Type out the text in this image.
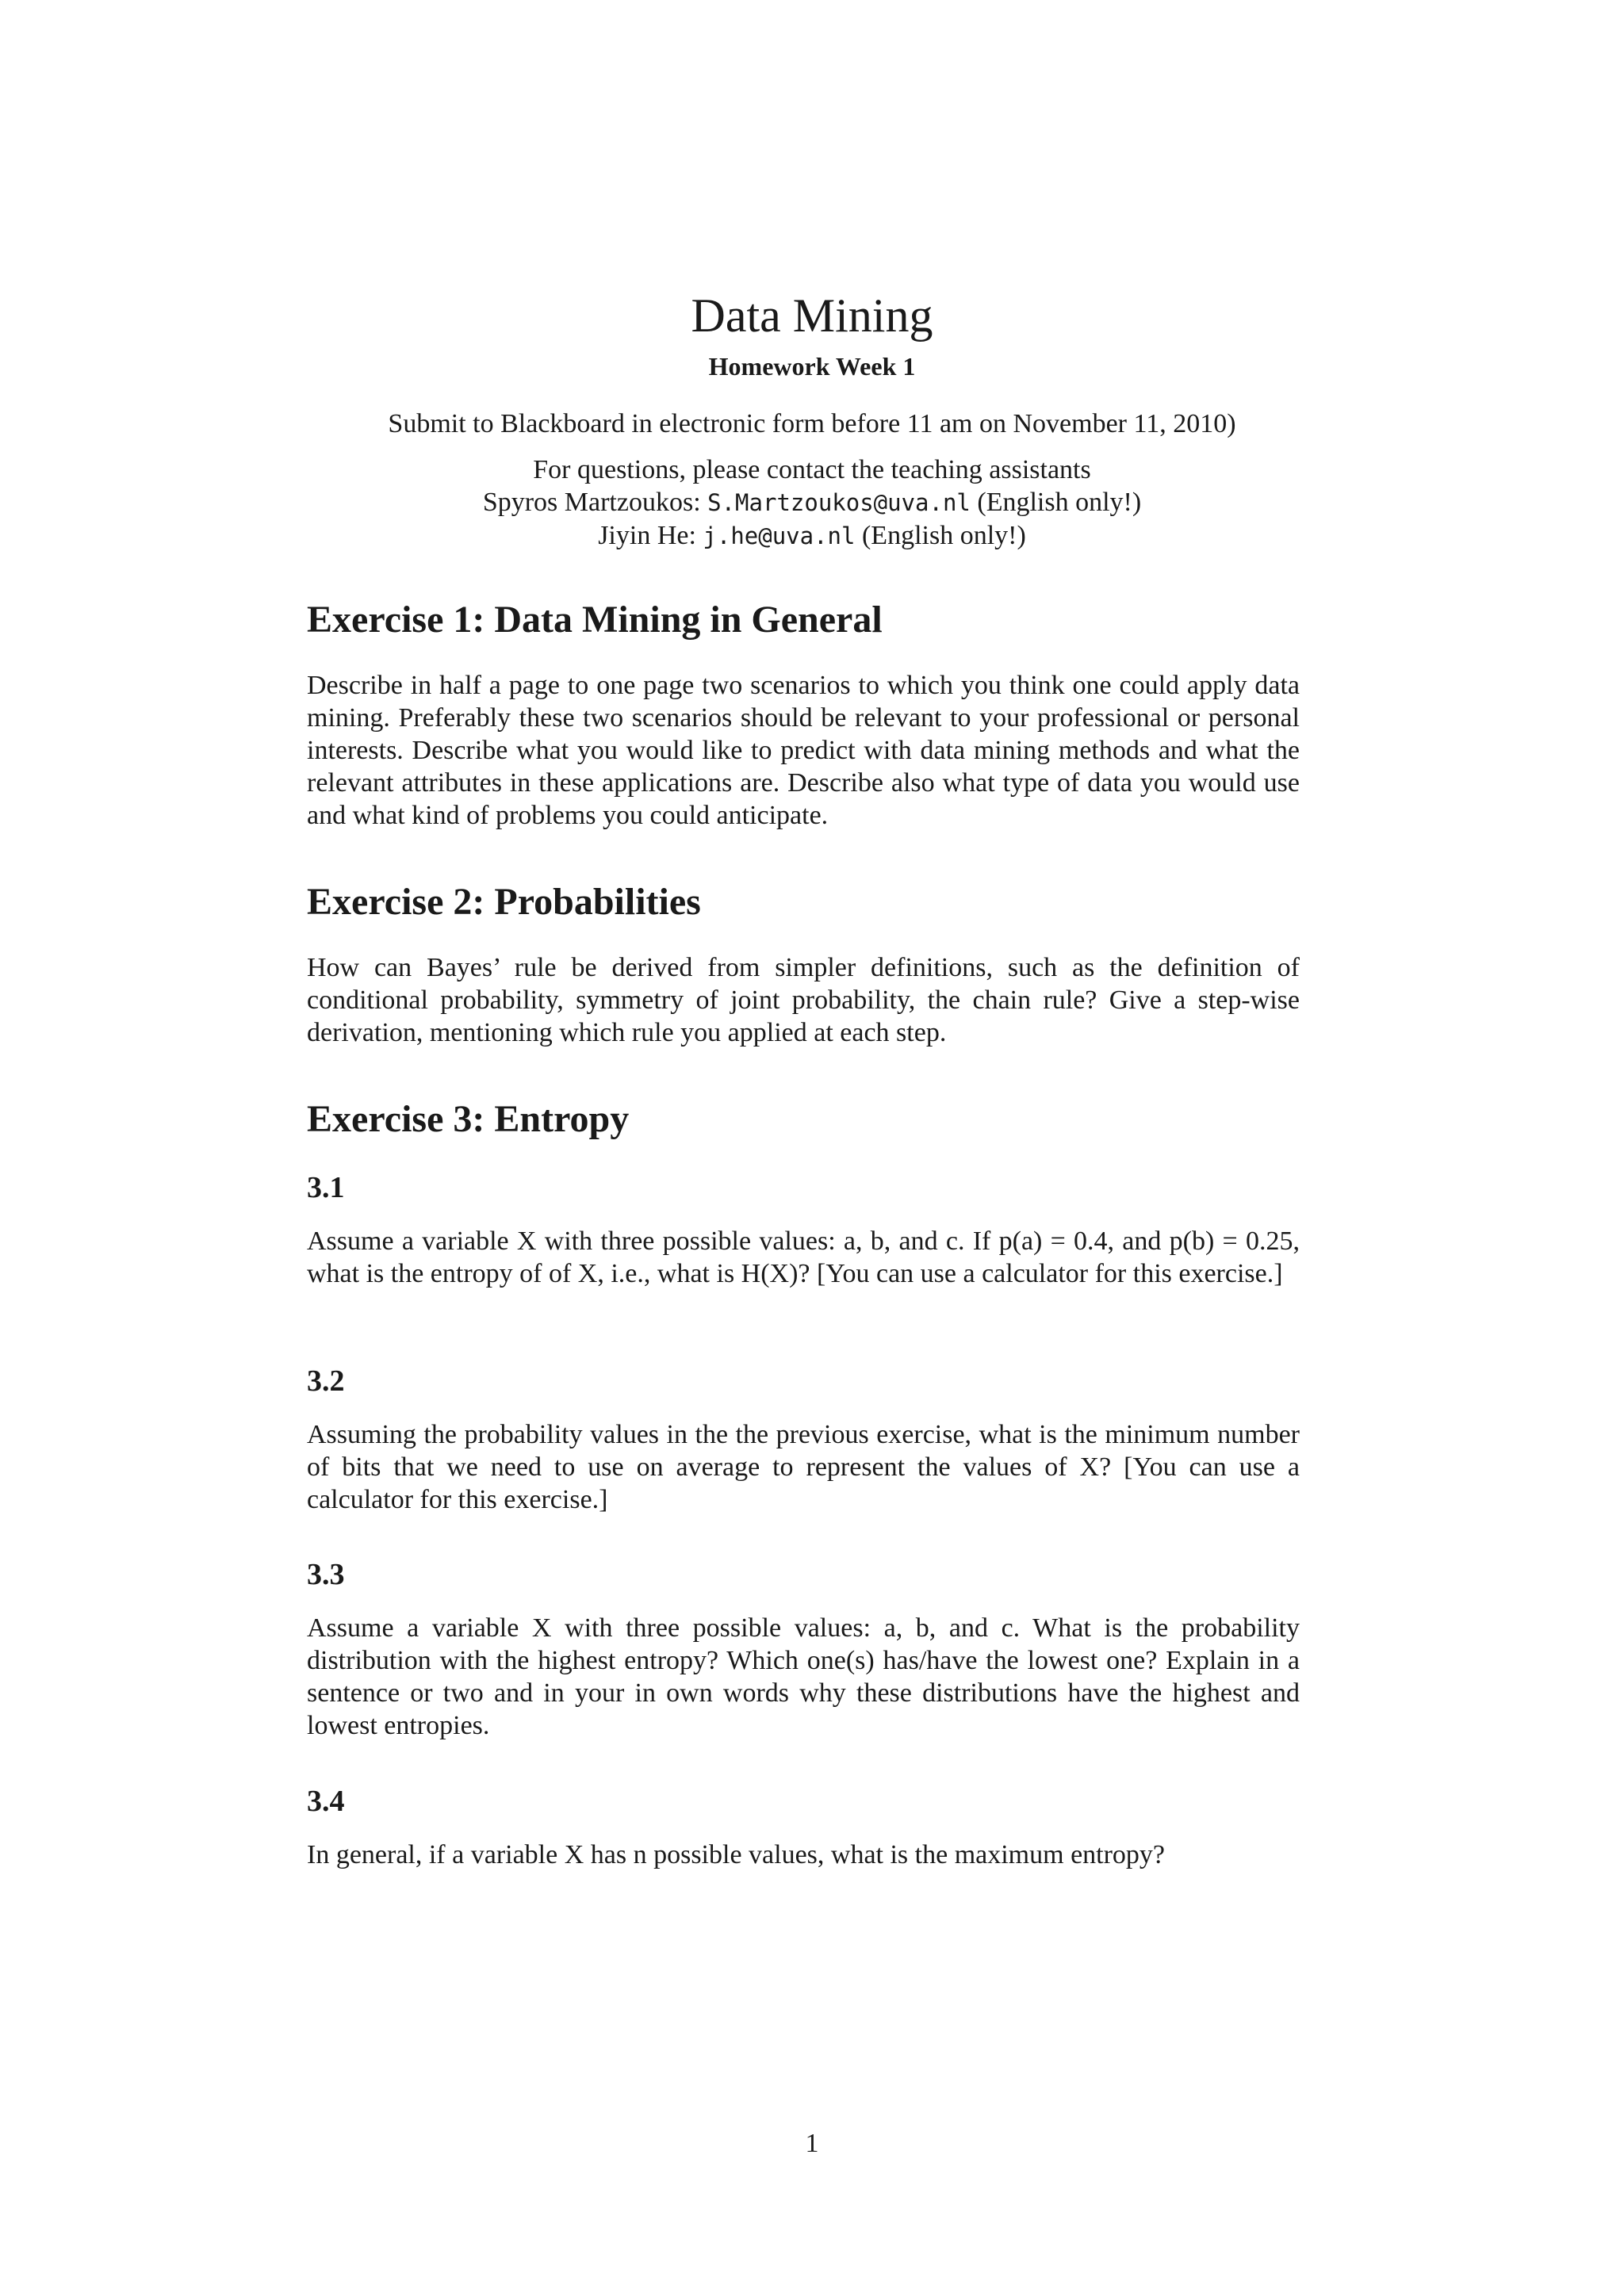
Data Mining
Homework Week 1
Submit to Blackboard in electronic form before 11 am on November 11, 2010)
For questions, please contact the teaching assistants
Spyros Martzoukos: S.Martzoukos@uva.nl (English only!)
Jiyin He: j.he@uva.nl (English only!)
Exercise 1: Data Mining in General

Describe in half a page to one page two scenarios to which you think one could apply data mining. Preferably these two scenarios should be relevant to your professional or personal interests. Describe what you would like to predict with data mining methods and what the relevant attributes in these applications are. Describe also what type of data you would use and what kind of problems you could anticipate.

Exercise 2: Probabilities

How can Bayes’ rule be derived from simpler definitions, such as the definition of conditional probability, symmetry of joint probability, the chain rule? Give a step-wise derivation, mentioning which rule you applied at each step.

Exercise 3: Entropy
3.1

Assume a variable X with three possible values: a, b, and c. If p(a) = 0.4, and p(b) = 0.25, what is the entropy of of X, i.e., what is H(X)? [You can use a calculator for this exercise.]

3.2

Assuming the probability values in the the previous exercise, what is the minimum number of bits that we need to use on average to represent the values of X? [You can use a calculator for this exercise.]

3.3

Assume a variable X with three possible values: a, b, and c. What is the probability distribution with the highest entropy? Which one(s) has/have the lowest one? Explain in a sentence or two and in your in own words why these distributions have the highest and lowest entropies.

3.4

In general, if a variable X has n possible values, what is the maximum entropy?

1
